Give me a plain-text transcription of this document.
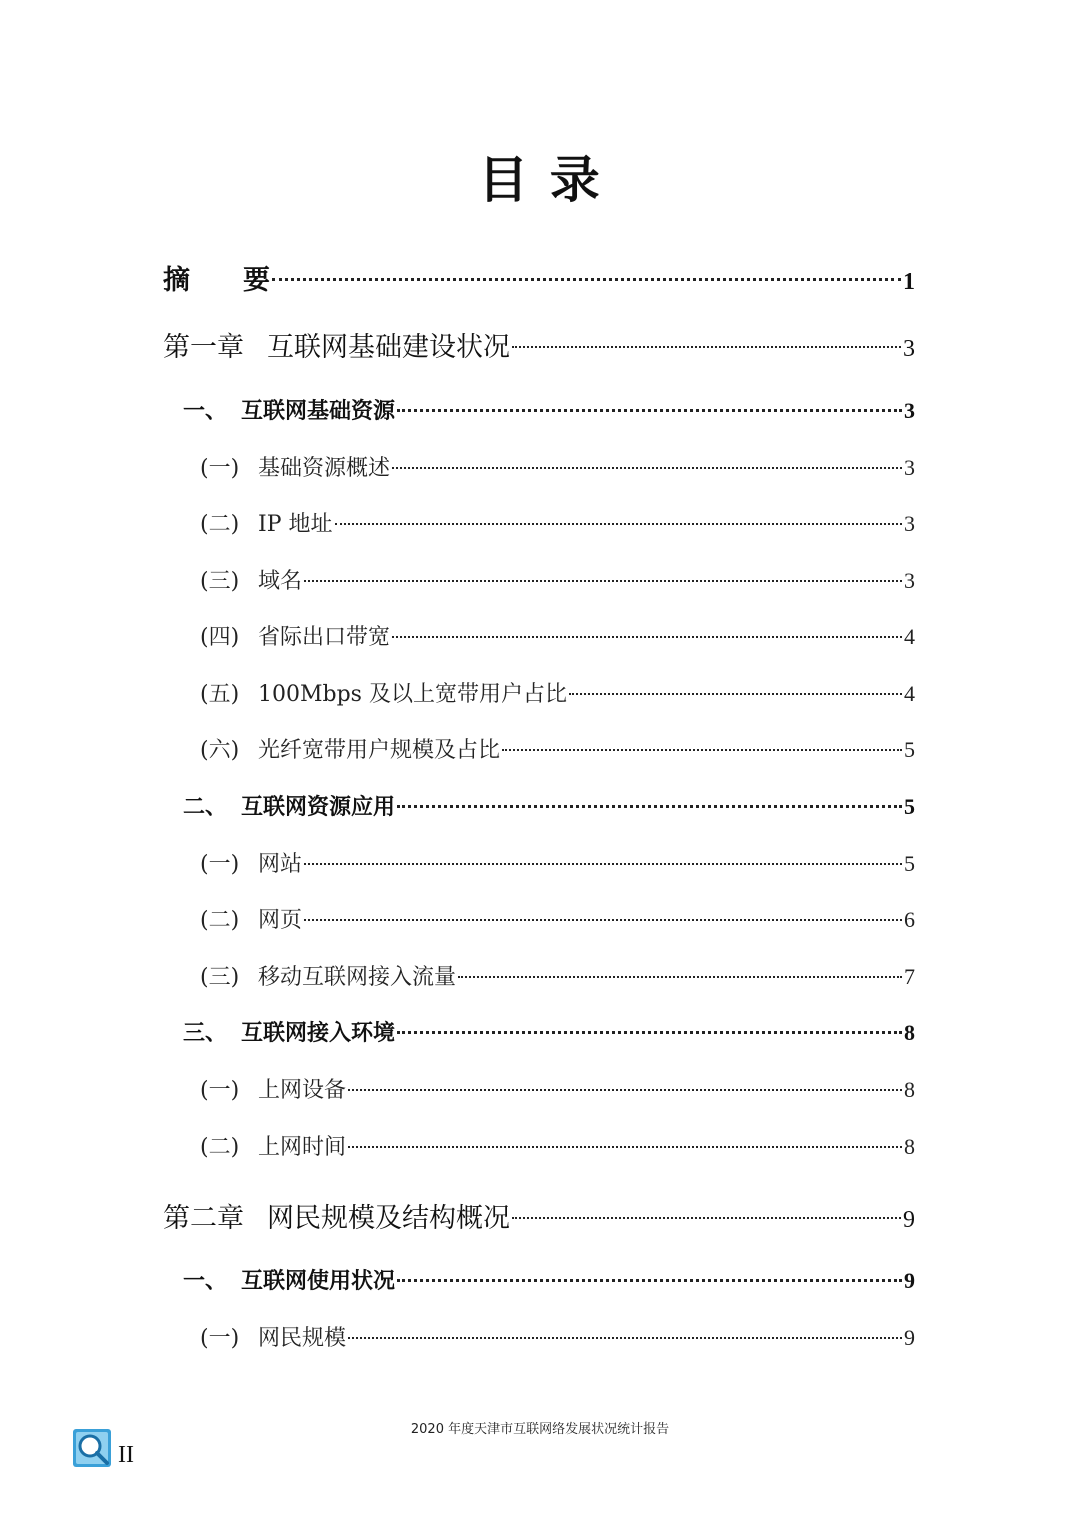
目 录
摘	要	1
第一章 互联网基础建设状况	3
一、 互联网基础资源	3
(一) 基础资源概述	3
(二) IP 地址	3
(三) 域名	3
(四) 省际出口带宽	4
(五) 100Mbps 及以上宽带用户占比	4
(六) 光纤宽带用户规模及占比	5
二、 互联网资源应用	5
(一) 网站	5
(二) 网页	6
(三) 移动互联网接入流量	7
三、 互联网接入环境	8
(一) 上网设备	8
(二) 上网时间	8
第二章 网民规模及结构概况	9
一、 互联网使用状况	9
(一) 网民规模	9
2020 年度天津市互联网络发展状况统计报告
II
